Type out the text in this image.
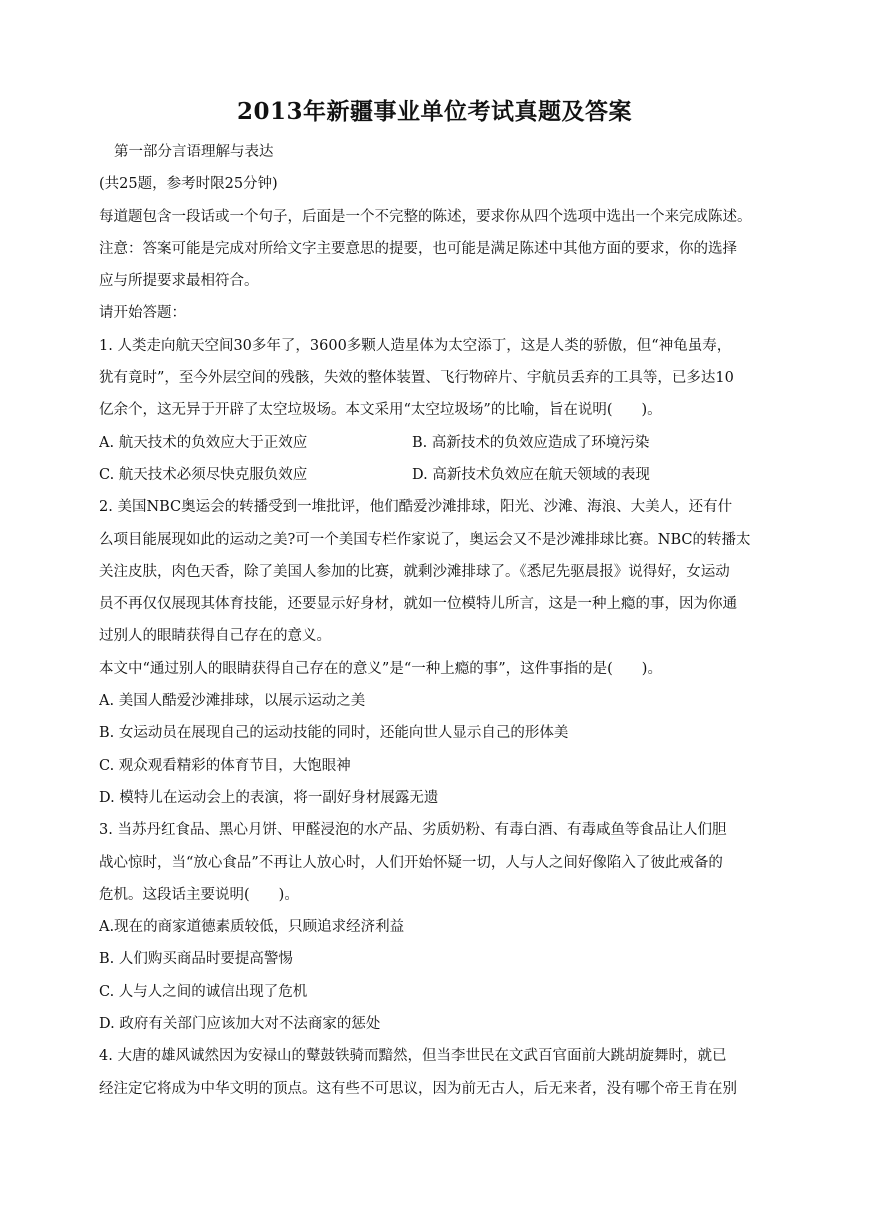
2013年新疆事业单位考试真题及答案
第一部分言语理解与表达
(共25题，参考时限25分钟)
每道题包含一段话或一个句子，后面是一个不完整的陈述，要求你从四个选项中选出一个来完成陈述。
注意：答案可能是完成对所给文字主要意思的提要，也可能是满足陈述中其他方面的要求，你的选择
应与所提要求最相符合。
请开始答题：
1. 人类走向航天空间30多年了，3600多颗人造星体为太空添丁，这是人类的骄傲，但“神龟虽寿，
犹有竟时”，至今外层空间的残骸，失效的整体装置、飞行物碎片、宇航员丢弃的工具等，已多达10
亿余个，这无异于开辟了太空垃圾场。本文采用“太空垃圾场”的比喻，旨在说明(　　)。
A. 航天技术的负效应大于正效应	B. 高新技术的负效应造成了环境污染
C. 航天技术必须尽快克服负效应	D. 高新技术负效应在航天领域的表现
2. 美国NBC奥运会的转播受到一堆批评，他们酷爱沙滩排球，阳光、沙滩、海浪、大美人，还有什
么项目能展现如此的运动之美?可一个美国专栏作家说了，奥运会又不是沙滩排球比赛。NBC的转播太
关注皮肤，肉色天香，除了美国人参加的比赛，就剩沙滩排球了。《悉尼先驱晨报》说得好，女运动
员不再仅仅展现其体育技能，还要显示好身材，就如一位模特儿所言，这是一种上瘾的事，因为你通
过别人的眼睛获得自己存在的意义。
本文中“通过别人的眼睛获得自己存在的意义”是“一种上瘾的事”，这件事指的是(　　)。
A. 美国人酷爱沙滩排球，以展示运动之美
B. 女运动员在展现自己的运动技能的同时，还能向世人显示自己的形体美
C. 观众观看精彩的体育节目，大饱眼神
D. 模特儿在运动会上的表演，将一副好身材展露无遗
3. 当苏丹红食品、黑心月饼、甲醛浸泡的水产品、劣质奶粉、有毒白酒、有毒咸鱼等食品让人们胆
战心惊时，当“放心食品”不再让人放心时，人们开始怀疑一切，人与人之间好像陷入了彼此戒备的
危机。这段话主要说明(　　)。
A.现在的商家道德素质较低，只顾追求经济利益
B. 人们购买商品时要提高警惕
C. 人与人之间的诚信出现了危机
D. 政府有关部门应该加大对不法商家的惩处
4. 大唐的雄风诚然因为安禄山的鼙鼓铁骑而黯然，但当李世民在文武百官面前大跳胡旋舞时，就已
经注定它将成为中华文明的顶点。这有些不可思议，因为前无古人，后无来者，没有哪个帝王肯在别
